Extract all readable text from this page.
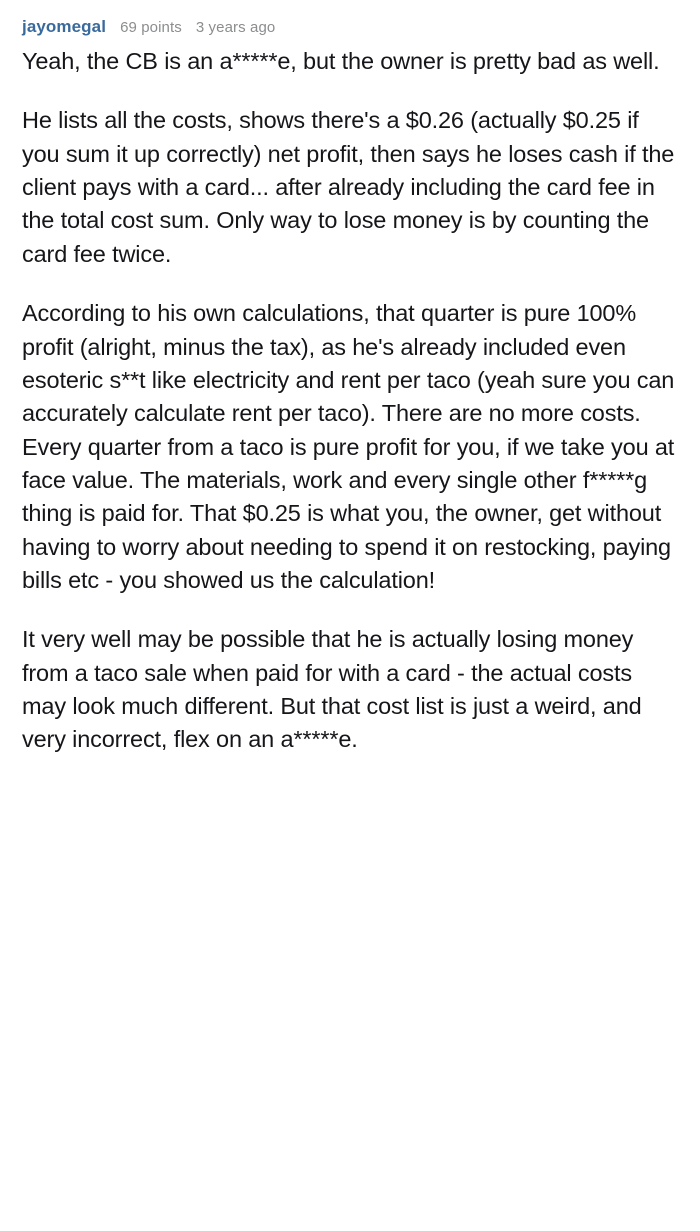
jayomegal 69 points 3 years ago

Yeah, the CB is an a*****e, but the owner is pretty bad as well.

He lists all the costs, shows there's a $0.26 (actually $0.25 if you sum it up correctly) net profit, then says he loses cash if the client pays with a card... after already including the card fee in the total cost sum. Only way to lose money is by counting the card fee twice.

According to his own calculations, that quarter is pure 100% profit (alright, minus the tax), as he's already included even esoteric s**t like electricity and rent per taco (yeah sure you can accurately calculate rent per taco). There are no more costs. Every quarter from a taco is pure profit for you, if we take you at face value. The materials, work and every single other f*****g thing is paid for. That $0.25 is what you, the owner, get without having to worry about needing to spend it on restocking, paying bills etc - you showed us the calculation!

It very well may be possible that he is actually losing money from a taco sale when paid for with a card - the actual costs may look much different. But that cost list is just a weird, and very incorrect, flex on an a*****e.
